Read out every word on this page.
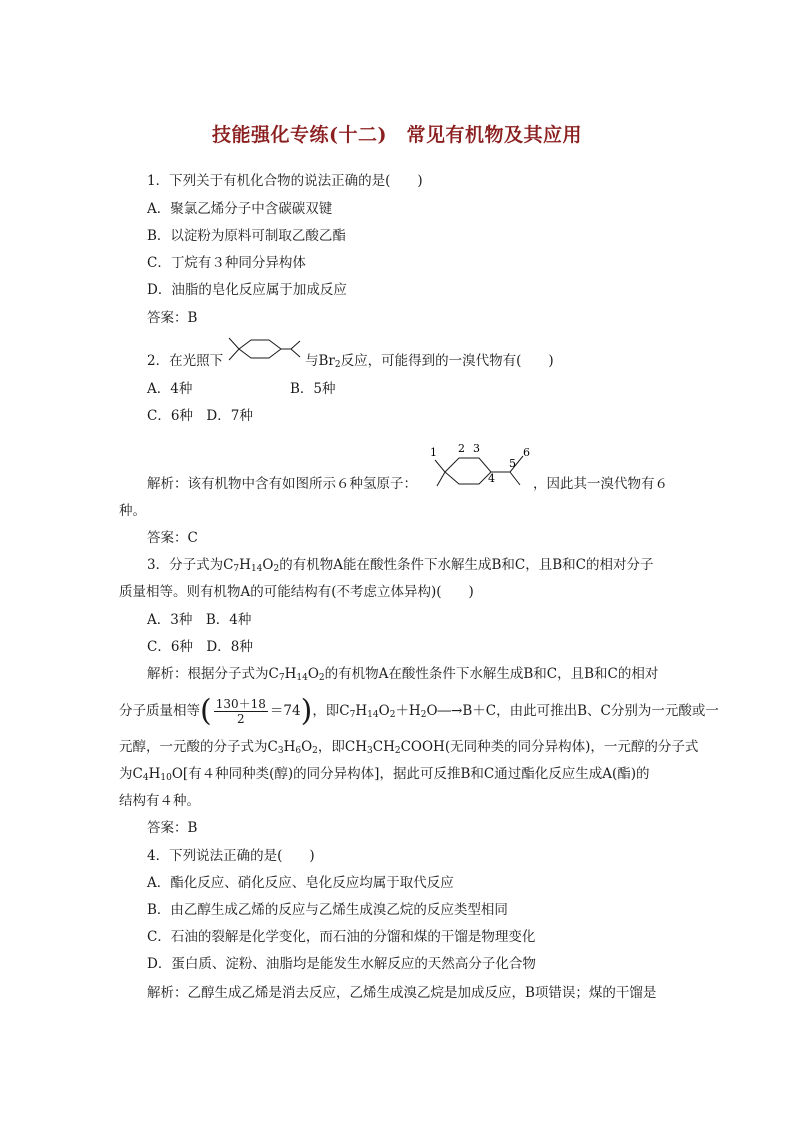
技能强化专练(十二)　常见有机物及其应用
1．下列关于有机化合物的说法正确的是(　　)
A．聚氯乙烯分子中含碳碳双键
B．以淀粉为原料可制取乙酸乙酯
C．丁烷有３种同分异构体
D．油脂的皂化反应属于加成反应
答案：B
2．在光照下	与$Br_2$反应，可能得到的一溴代物有(　　)
A．4种	B．5种
C．6种　D．7种
1 2 3
4
5
6
解析：该有机物中含有如图所示６种氢原子：	，因此其一溴代物有６
种。
答案：C
3．分子式为$C_7H_{14}O_2$的有机物A能在酸性条件下水解生成B和C，且B和C的相对分子
质量相等。则有机物A的可能结构有(不考虑立体异构)(　　)
A．3种　B．4种
C．6种　D．8种
解析：根据分子式为$C_7H_{14}O_2$的有机物A在酸性条件下水解生成B和C，且B和C的相对
分子质量相等( $\frac{130+18}{2} =74$)，即$C_7H_{14}O_2+H_2O―\to B+C$，由此可推出B、C分别为一元酸或一
元醇，一元酸的分子式为$C_3H_6O_2$，即$CH_3CH_2COOH$(无同种类的同分异构体)，一元醇的分子式
为$C_4H_{10}O$[有４种同种类(醇)的同分异构体]，据此可反推B和C通过酯化反应生成A(酯)的
结构有４种。
答案：B
4．下列说法正确的是(　　)
A．酯化反应、硝化反应、皂化反应均属于取代反应
B．由乙醇生成乙烯的反应与乙烯生成溴乙烷的反应类型相同
C．石油的裂解是化学变化，而石油的分馏和煤的干馏是物理变化
D．蛋白质、淀粉、油脂均是能发生水解反应的天然高分子化合物
解析：乙醇生成乙烯是消去反应，乙烯生成溴乙烷是加成反应，B项错误；煤的干馏是
